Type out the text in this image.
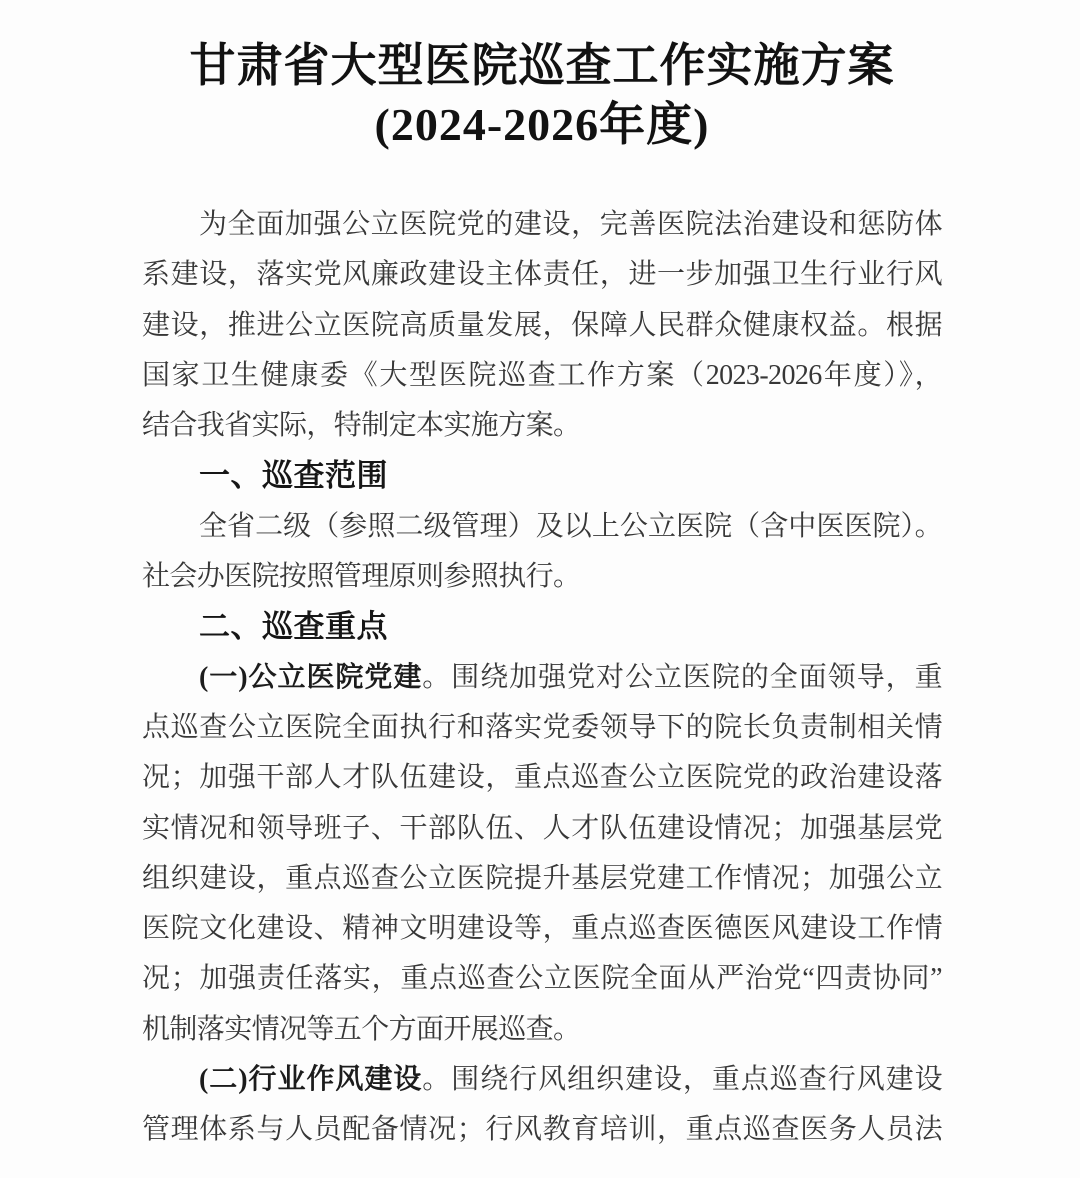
甘肃省大型医院巡查工作实施方案
(2024-2026年度)
为全面加强公立医院党的建设，完善医院法治建设和惩防体
系建设，落实党风廉政建设主体责任，进一步加强卫生行业行风
建设，推进公立医院高质量发展，保障人民群众健康权益。根据
国家卫生健康委《大型医院巡查工作方案（2023-2026年度）》，
结合我省实际，特制定本实施方案。
一、巡查范围
全省二级（参照二级管理）及以上公立医院（含中医医院）。
社会办医院按照管理原则参照执行。
二、巡查重点
(一)公立医院党建。围绕加强党对公立医院的全面领导，重
点巡查公立医院全面执行和落实党委领导下的院长负责制相关情
况；加强干部人才队伍建设，重点巡查公立医院党的政治建设落
实情况和领导班子、干部队伍、人才队伍建设情况；加强基层党
组织建设，重点巡查公立医院提升基层党建工作情况；加强公立
医院文化建设、精神文明建设等，重点巡查医德医风建设工作情
况；加强责任落实，重点巡查公立医院全面从严治党“四责协同”
机制落实情况等五个方面开展巡查。
(二)行业作风建设。围绕行风组织建设，重点巡查行风建设
管理体系与人员配备情况；行风教育培训，重点巡查医务人员法
